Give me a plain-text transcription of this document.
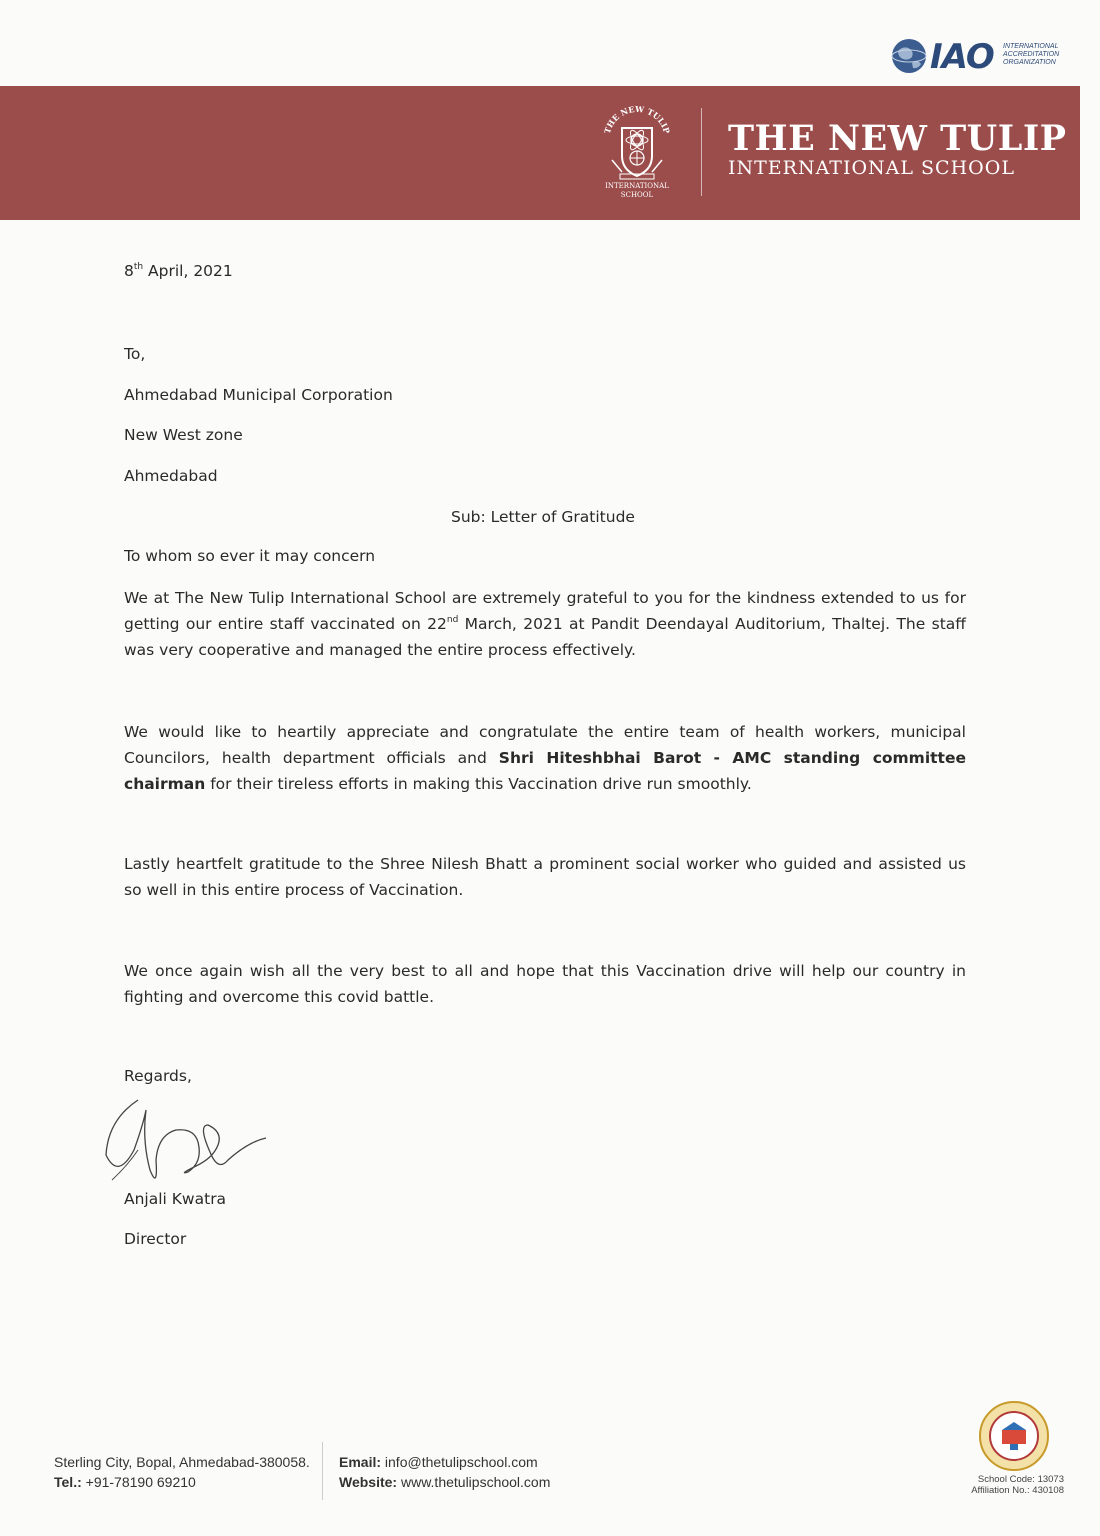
IAO INTERNATIONAL
ACCREDITATION
ORGANIZATION
THE NEW TULIP
INTERNATIONAL
SCHOOL
THE NEW TULIP
INTERNATIONAL SCHOOL
8th April, 2021
To,
Ahmedabad Municipal Corporation
New West zone
Ahmedabad
Sub: Letter of Gratitude
To whom so ever it may concern
We at The New Tulip International School are extremely grateful to you for the kindness extended to us for getting our entire staff vaccinated on 22nd March, 2021 at Pandit Deendayal Auditorium, Thaltej. The staff was very cooperative and managed the entire process effectively.
We would like to heartily appreciate and congratulate the entire team of health workers, municipal Councilors, health department officials and Shri Hiteshbhai Barot - AMC standing committee chairman for their tireless efforts in making this Vaccination drive run smoothly.
Lastly heartfelt gratitude to the Shree Nilesh Bhatt a prominent social worker who guided and assisted us so well in this entire process of Vaccination.
We once again wish all the very best to all and hope that this Vaccination drive will help our country in fighting and overcome this covid battle.
Regards,
Anjali Kwatra
Director
Sterling City, Bopal, Ahmedabad-380058.
Tel.: +91-78190 69210
Email: info@thetulipschool.com
Website: www.thetulipschool.com	School Code: 13073
Affiliation No.: 430108
